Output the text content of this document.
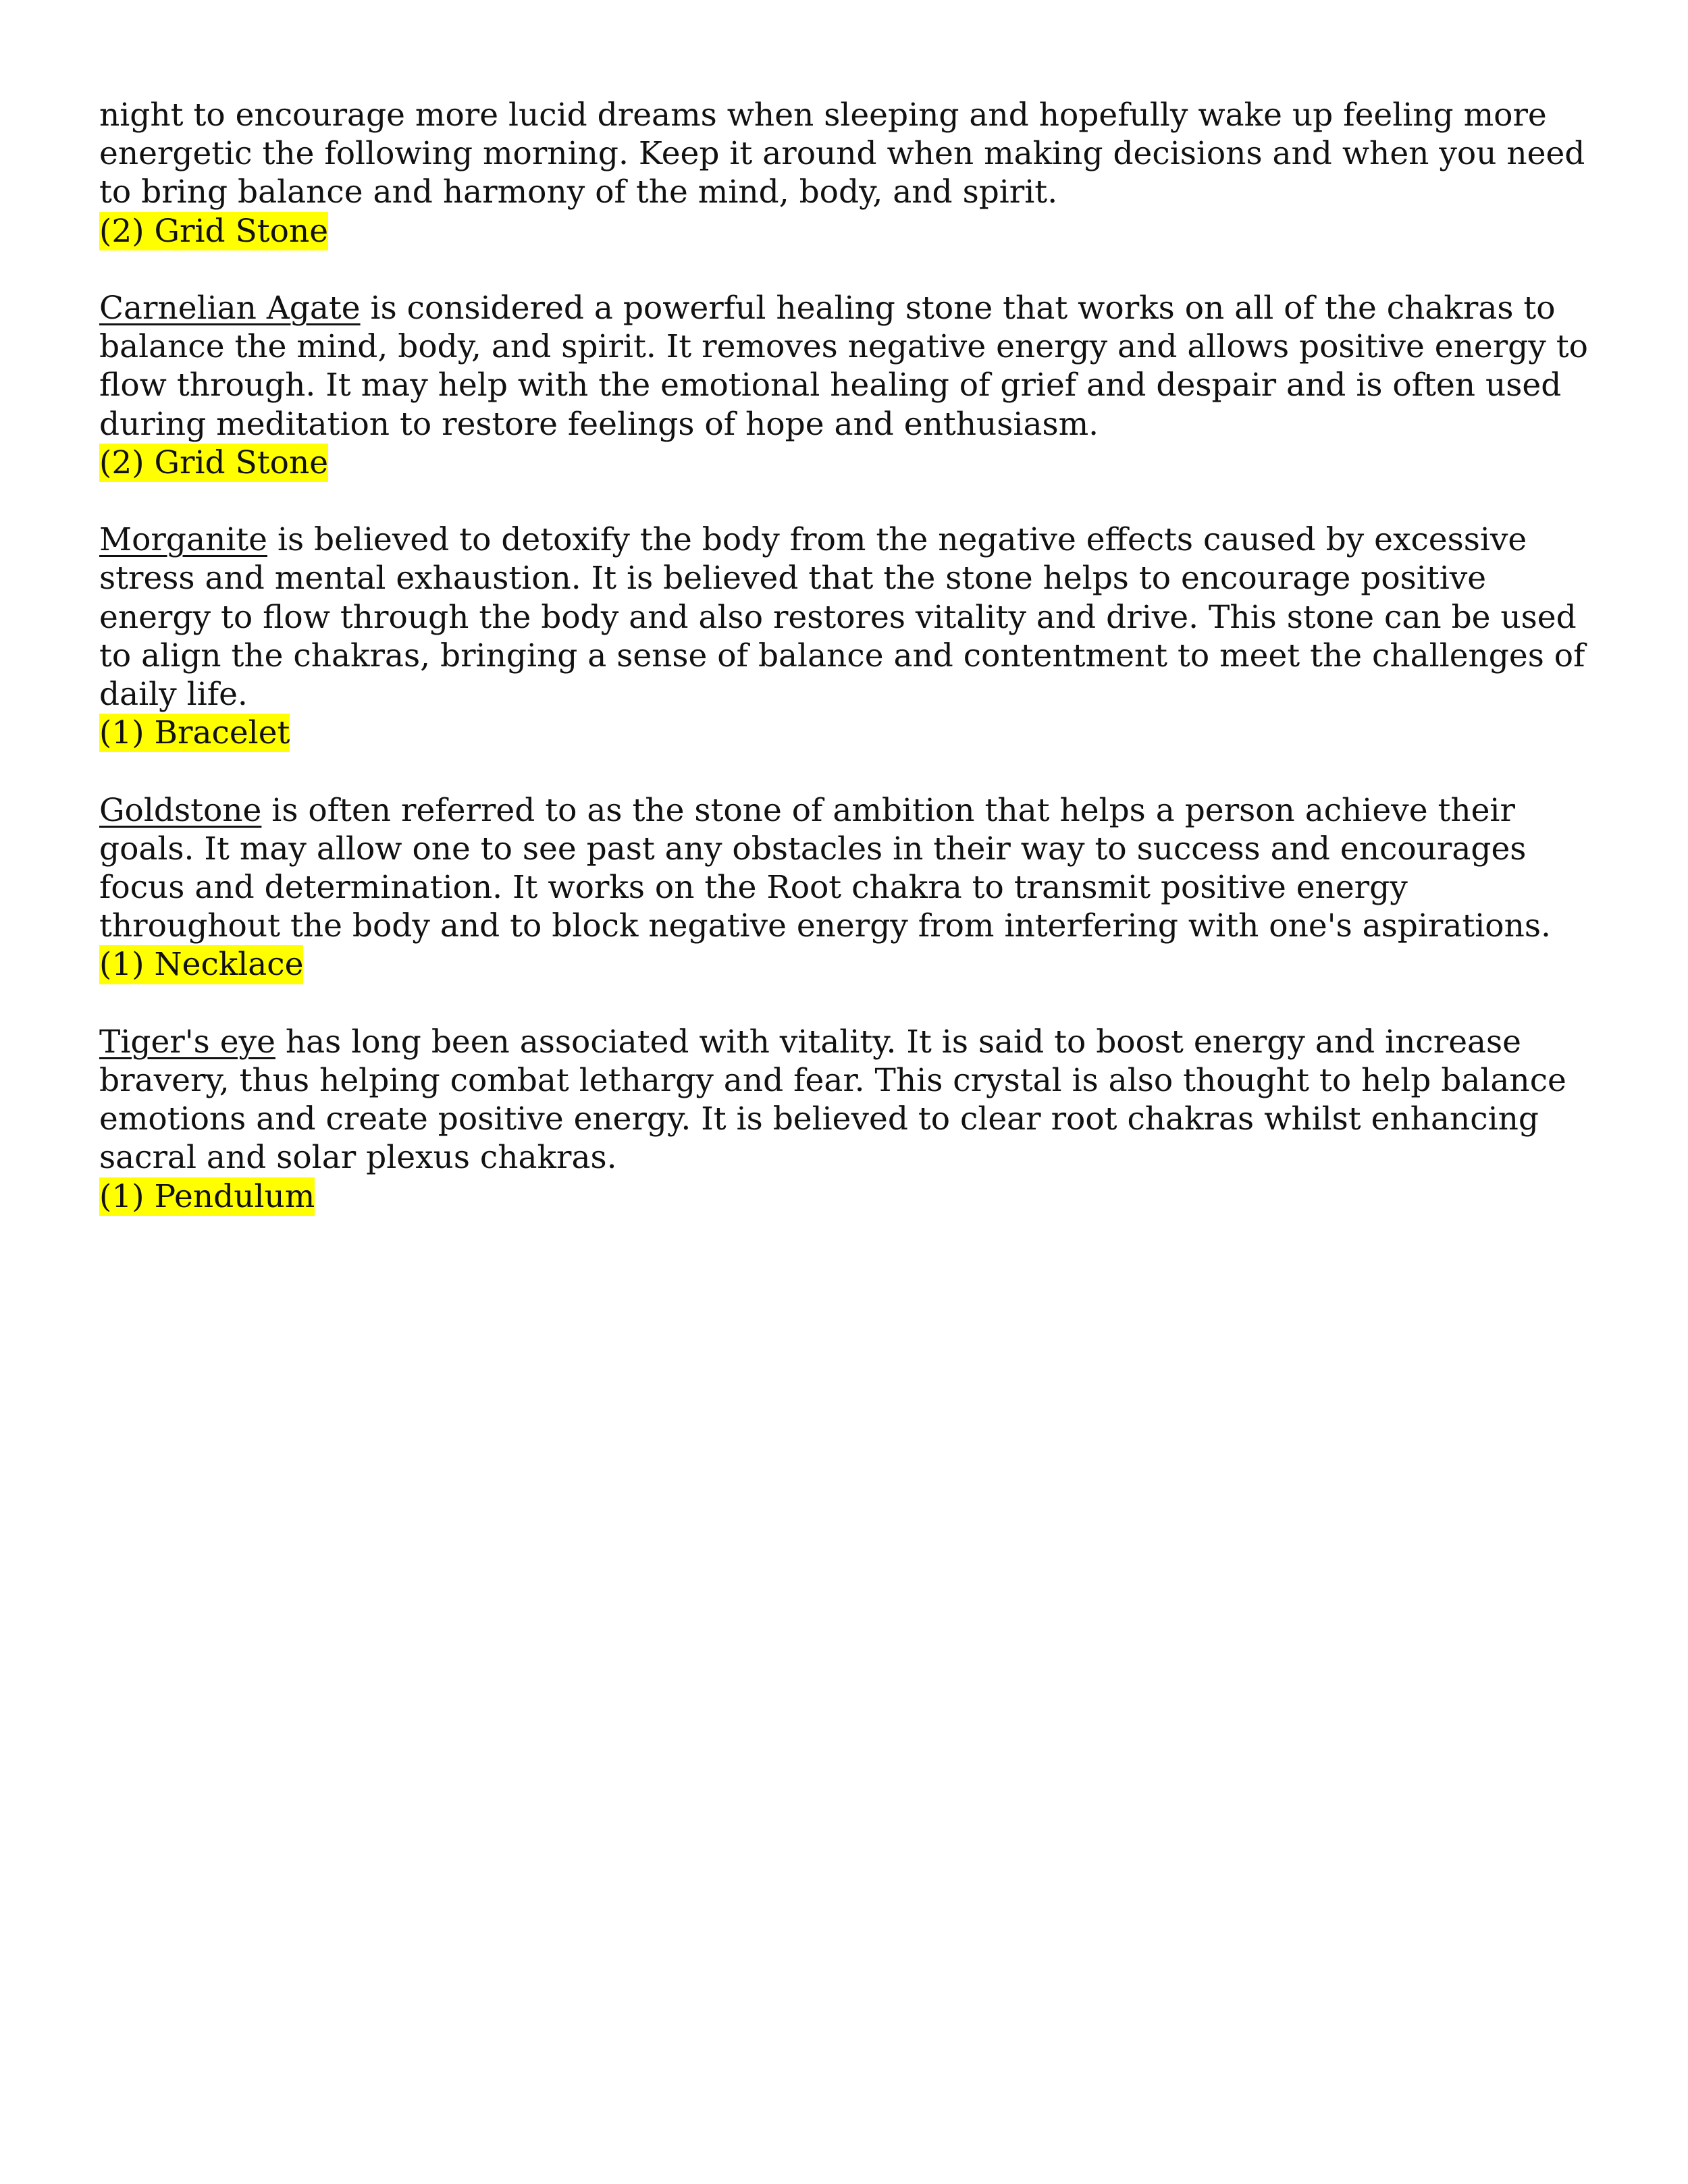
night to encourage more lucid dreams when sleeping and hopefully wake up feeling more
energetic the following morning. Keep it around when making decisions and when you need
to bring balance and harmony of the mind, body, and spirit.
(2) Grid Stone
Carnelian Agate is considered a powerful healing stone that works on all of the chakras to
balance the mind, body, and spirit. It removes negative energy and allows positive energy to
flow through. It may help with the emotional healing of grief and despair and is often used
during meditation to restore feelings of hope and enthusiasm.
(2) Grid Stone
Morganite is believed to detoxify the body from the negative effects caused by excessive
stress and mental exhaustion. It is believed that the stone helps to encourage positive
energy to flow through the body and also restores vitality and drive. This stone can be used
to align the chakras, bringing a sense of balance and contentment to meet the challenges of
daily life.
(1) Bracelet
Goldstone is often referred to as the stone of ambition that helps a person achieve their
goals. It may allow one to see past any obstacles in their way to success and encourages
focus and determination. It works on the Root chakra to transmit positive energy
throughout the body and to block negative energy from interfering with one's aspirations.
(1) Necklace
Tiger's eye has long been associated with vitality. It is said to boost energy and increase
bravery, thus helping combat lethargy and fear. This crystal is also thought to help balance
emotions and create positive energy. It is believed to clear root chakras whilst enhancing
sacral and solar plexus chakras.
(1) Pendulum
